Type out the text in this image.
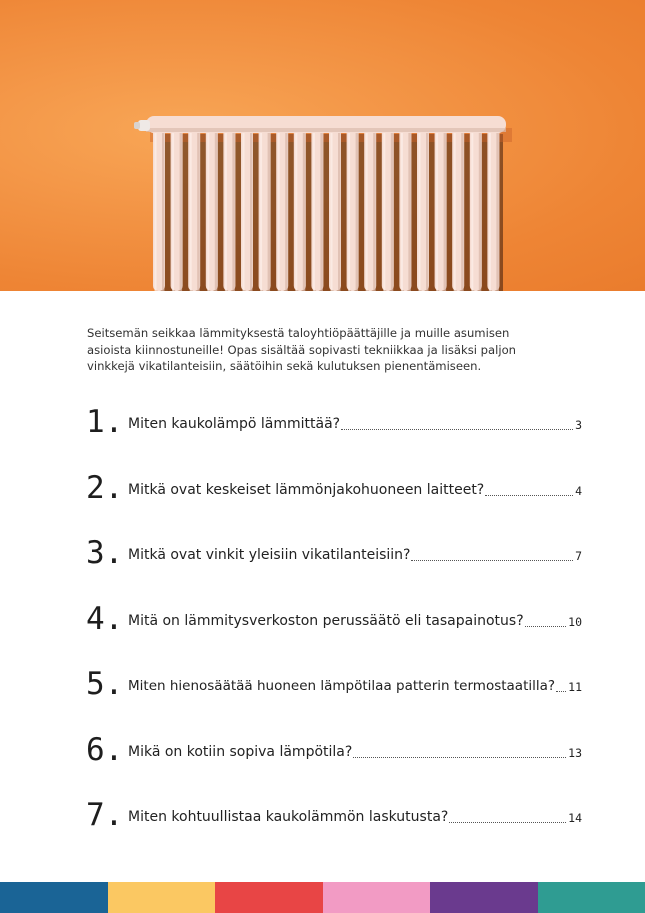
Seitsemän seikkaa lämmityksestä taloyhtiöpäättäjille ja muille asumisen asioista kiinnostuneille! Opas sisältää sopivasti tekniikkaa ja lisäksi paljon vinkkejä vikatilanteisiin, säätöihin sekä kulutuksen pienentämiseen.

1. Miten kaukolämpö lämmittää?	3
2. Mitkä ovat keskeiset lämmönjakohuoneen laitteet?	4
3. Mitkä ovat vinkit yleisiin vikatilanteisiin?	7
4. Mitä on lämmitysverkoston perussäätö eli tasapainotus?	10
5. Miten hienosäätää huoneen lämpötilaa patterin termostaatilla? 11
6. Mikä on kotiin sopiva lämpötila?	13
7. Miten kohtuullistaa kaukolämmön laskutusta?	14
